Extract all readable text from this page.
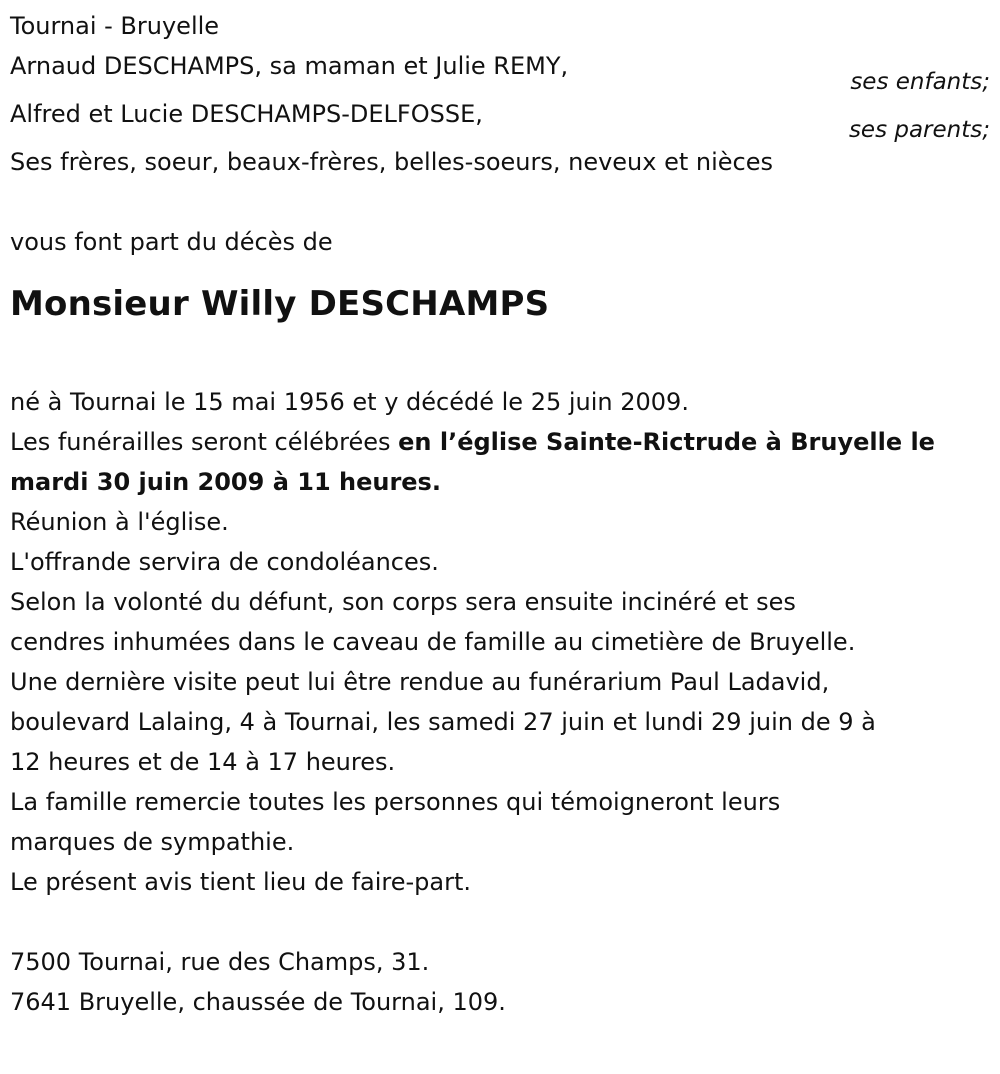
Tournai - Bruyelle

Arnaud DESCHAMPS, sa maman et Julie REMY,

ses enfants;

Alfred et Lucie DESCHAMPS-DELFOSSE,

ses parents;

Ses frères, soeur, beaux-frères, belles-soeurs, neveux et nièces

vous font part du décès de

Monsieur Willy DESCHAMPS

né à Tournai le 15 mai 1956 et y décédé le 25 juin 2009.

Les funérailles seront célébrées en l’église Sainte-Rictrude à Bruyelle le

mardi 30 juin 2009 à 11 heures.

Réunion à l'église.

L'offrande servira de condoléances.

Selon la volonté du défunt, son corps sera ensuite incinéré et ses

cendres inhumées dans le caveau de famille au cimetière de Bruyelle.

Une dernière visite peut lui être rendue au funérarium Paul Ladavid,

boulevard Lalaing, 4 à Tournai, les samedi 27 juin et lundi 29 juin de 9 à

12 heures et de 14 à 17 heures.

La famille remercie toutes les personnes qui témoigneront leurs

marques de sympathie.

Le présent avis tient lieu de faire-part.

7500 Tournai, rue des Champs, 31.

7641 Bruyelle, chaussée de Tournai, 109.
